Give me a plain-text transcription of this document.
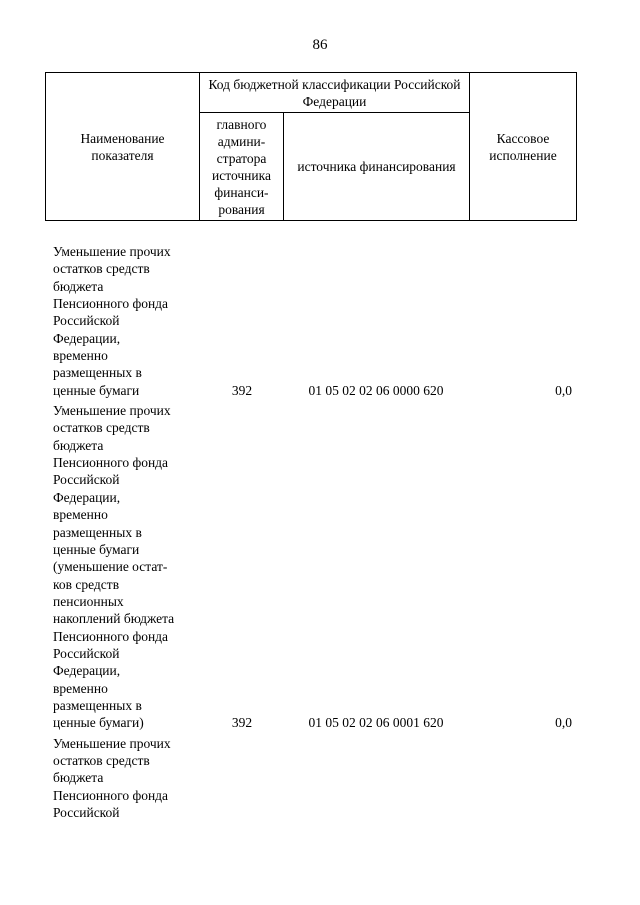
86
Наименование показателя	Код бюджетной классификации Российской Федерации		Кассовое исполнение
	главного админи-стратора источника финанси-рования	источника финансирования	
Уменьшение прочих
остатков средств
бюджета
Пенсионного фонда
Российской
Федерации,
временно
размещенных в
ценные бумаги	392	01 05 02 02 06 0000 620	0,0
Уменьшение прочих
остатков средств
бюджета
Пенсионного фонда
Российской
Федерации,
временно
размещенных в
ценные бумаги
(уменьшение остат-
ков средств
пенсионных
накоплений бюджета
Пенсионного фонда
Российской
Федерации,
временно
размещенных в
ценные бумаги)	392	01 05 02 02 06 0001 620	0,0
Уменьшение прочих
остатков средств
бюджета
Пенсионного фонда
Российской
